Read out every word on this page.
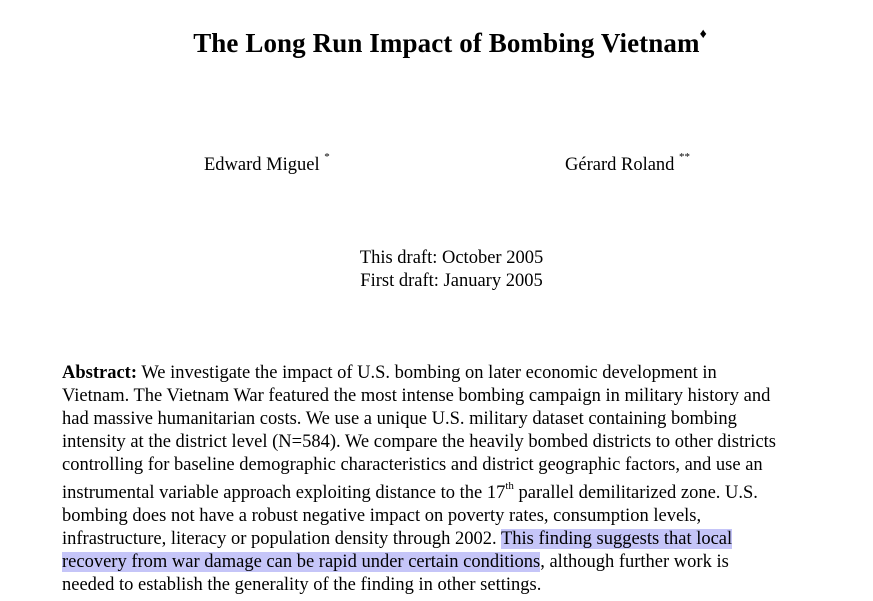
The Long Run Impact of Bombing Vietnam♦
Edward Miguel *	Gérard Roland **
This draft: October 2005
First draft: January 2005
Abstract: We investigate the impact of U.S. bombing on later economic development in
Vietnam. The Vietnam War featured the most intense bombing campaign in military history and
had massive humanitarian costs. We use a unique U.S. military dataset containing bombing
intensity at the district level (N=584). We compare the heavily bombed districts to other districts
controlling for baseline demographic characteristics and district geographic factors, and use an
instrumental variable approach exploiting distance to the 17th parallel demilitarized zone. U.S.
bombing does not have a robust negative impact on poverty rates, consumption levels,
infrastructure, literacy or population density through 2002. This finding suggests that local
recovery from war damage can be rapid under certain conditions, although further work is
needed to establish the generality of the finding in other settings.
